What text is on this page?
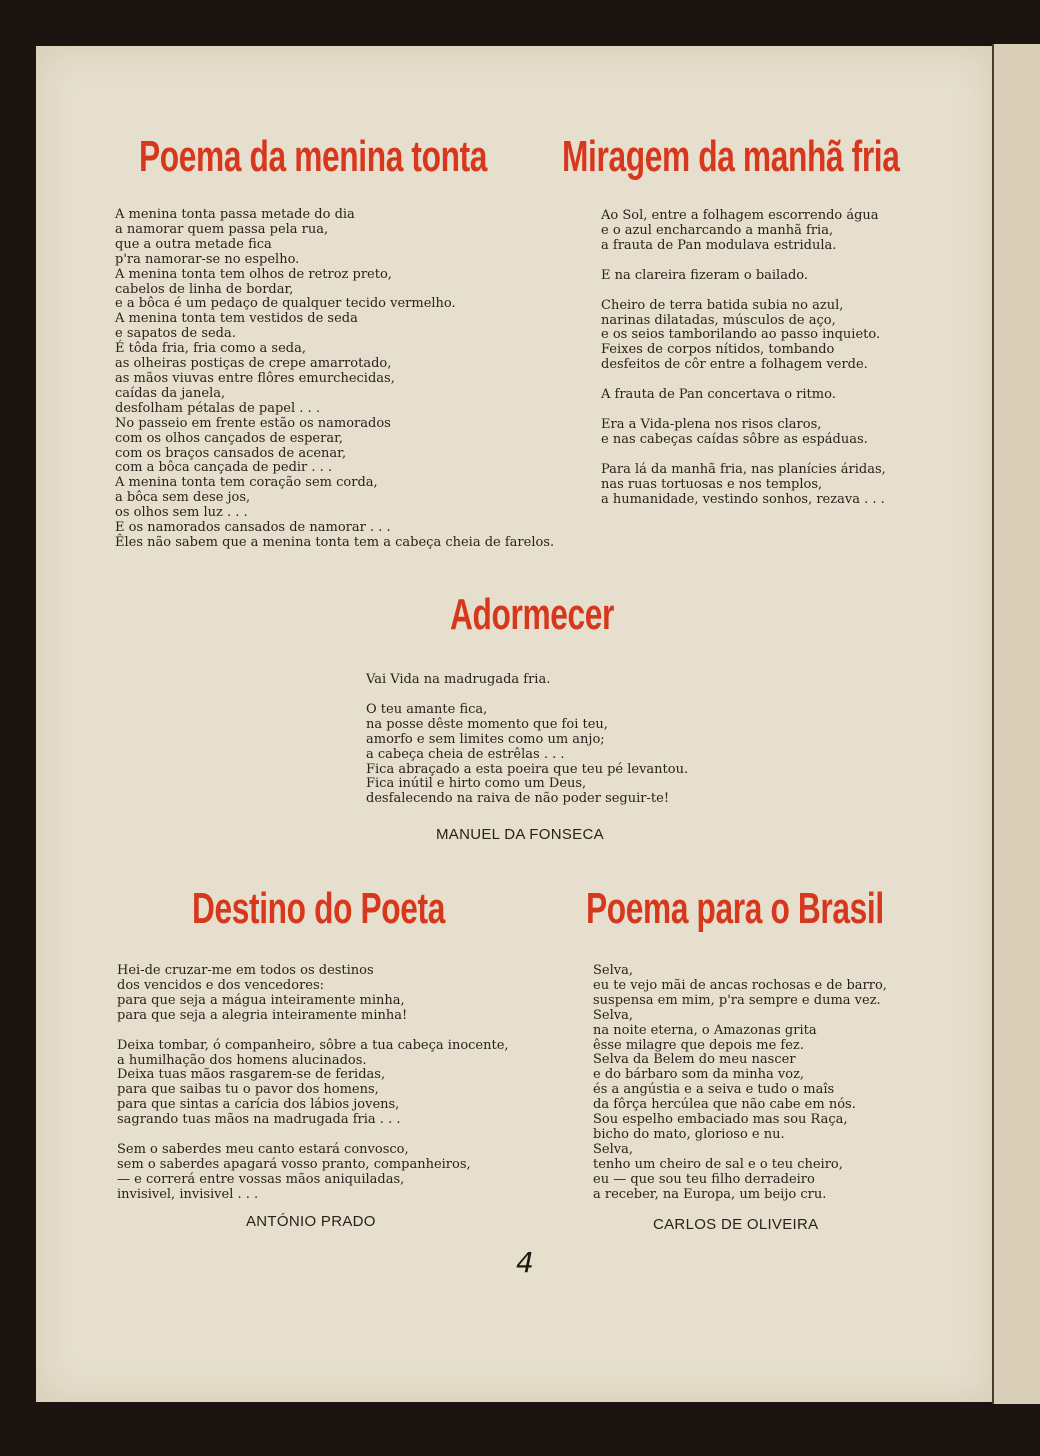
Poema da menina tonta
A menina tonta passa metade do dia
a namorar quem passa pela rua,
que a outra metade fica
p'ra namorar-se no espelho.
A menina tonta tem olhos de retroz preto,
cabelos de linha de bordar,
e a bôca é um pedaço de qualquer tecido vermelho.
A menina tonta tem vestidos de seda
e sapatos de seda.
É tôda fria, fria como a seda,
as olheiras postiças de crepe amarrotado,
as mãos viuvas entre flôres emurchecidas,
caídas da janela,
desfolham pétalas de papel . . .
No passeio em frente estão os namorados
com os olhos cançados de esperar,
com os braços cansados de acenar,
com a bôca cançada de pedir . . .
A menina tonta tem coração sem corda,
a bôca sem dese jos,
os olhos sem luz . . .
E os namorados cansados de namorar . . .
Êles não sabem que a menina tonta tem a cabeça cheia de farelos.
Miragem da manhã fria
Ao Sol, entre a folhagem escorrendo água
e o azul encharcando a manhã fria,
a frauta de Pan modulava estridula.
E na clareira fizeram o bailado.
Cheiro de terra batida subia no azul,
narinas dilatadas, músculos de aço,
e os seios tamborilando ao passo inquieto.
Feixes de corpos nítidos, tombando
desfeitos de côr entre a folhagem verde.
A frauta de Pan concertava o ritmo.
Era a Vida-plena nos risos claros,
e nas cabeças caídas sôbre as espáduas.
Para lá da manhã fria, nas planícies áridas,
nas ruas tortuosas e nos templos,
a humanidade, vestindo sonhos, rezava . . .
Adormecer
Vai Vida na madrugada fria.
O teu amante fica,
na posse dêste momento que foi teu,
amorfo e sem limites como um anjo;
a cabeça cheia de estrêlas . . .
Fica abraçado a esta poeira que teu pé levantou.
Fica inútil e hirto como um Deus,
desfalecendo na raiva de não poder seguir-te!

MANUEL DA FONSECA

Destino do Poeta
Hei-de cruzar-me em todos os destinos
dos vencidos e dos vencedores:
para que seja a mágua inteiramente minha,
para que seja a alegria inteiramente minha!
Deixa tombar, ó companheiro, sôbre a tua cabeça inocente,
a humilhação dos homens alucinados.
Deixa tuas mãos rasgarem-se de feridas,
para que saibas tu o pavor dos homens,
para que sintas a carícia dos lábios jovens,
sagrando tuas mãos na madrugada fria . . .
Sem o saberdes meu canto estará convosco,
sem o saberdes apagará vosso pranto, companheiros,
— e correrá entre vossas mãos aniquiladas,
invisivel, invisivel . . .

ANTÓNIO PRADO

Poema para o Brasil
Selva,
eu te vejo mãi de ancas rochosas e de barro,
suspensa em mim, p'ra sempre e duma vez.
Selva,
na noite eterna, o Amazonas grita
êsse milagre que depois me fez.
Selva da Belem do meu nascer
e do bárbaro som da minha voz,
és a angústia e a seiva e tudo o maîs
da fôrça hercúlea que não cabe em nós.
Sou espelho embaciado mas sou Raça,
bicho do mato, glorioso e nu.
Selva,
tenho um cheiro de sal e o teu cheiro,
eu — que sou teu filho derradeiro
a receber, na Europa, um beijo cru.

CARLOS DE OLIVEIRA

4
